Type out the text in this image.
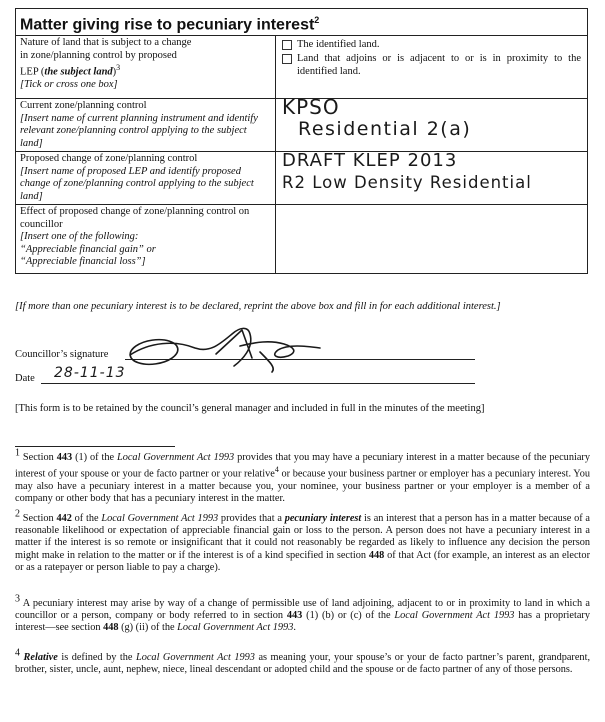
Matter giving rise to pecuniary interest$^2$
Nature of land that is subject to a change
in zone/planning control by proposed
LEP (the subject land)$^3$
[Tick or cross one box]
The identified land.
Land that adjoins or is adjacent to or is in proximity to the identified land.
Current zone/planning control
[Insert name of current planning instrument and identify relevant zone/planning control applying to the subject land]
KPSO
Residential 2(a)
Proposed change of zone/planning control
[Insert name of proposed LEP and identify proposed change of zone/planning control applying to the subject land]
DRAFT KLEP 2013
R2 Low Density Residential
Effect of proposed change of zone/planning control on councillor
[Insert one of the following:
“Appreciable financial gain” or
“Appreciable financial loss”]
[If more than one pecuniary interest is to be declared, reprint the above box and fill in for each additional interest.]
Councillor’s signature
Date	28-11-13
[This form is to be retained by the council’s general manager and included in full in the minutes of the meeting]
1 Section 443 (1) of the Local Government Act 1993 provides that you may have a pecuniary interest in a matter because of the pecuniary interest of your spouse or your de facto partner or your relative$^4$ or because your business partner or employer has a pecuniary interest. You may also have a pecuniary interest in a matter because you, your nominee, your business partner or your employer is a member of a company or other body that has a pecuniary interest in the matter.
2 Section 442 of the Local Government Act 1993 provides that a pecuniary interest is an interest that a person has in a matter because of a reasonable likelihood or expectation of appreciable financial gain or loss to the person. A person does not have a pecuniary interest in a matter if the interest is so remote or insignificant that it could not reasonably be regarded as likely to influence any decision the person might make in relation to the matter or if the interest is of a kind specified in section 448 of that Act (for example, an interest as an elector or as a ratepayer or person liable to pay a charge).
3 A pecuniary interest may arise by way of a change of permissible use of land adjoining, adjacent to or in proximity to land in which a councillor or a person, company or body referred to in section 443 (1) (b) or (c) of the Local Government Act 1993 has a proprietary interest—see section 448 (g) (ii) of the Local Government Act 1993.
4 Relative is defined by the Local Government Act 1993 as meaning your, your spouse’s or your de facto partner’s parent, grandparent, brother, sister, uncle, aunt, nephew, niece, lineal descendant or adopted child and the spouse or de facto partner of any of those persons.
